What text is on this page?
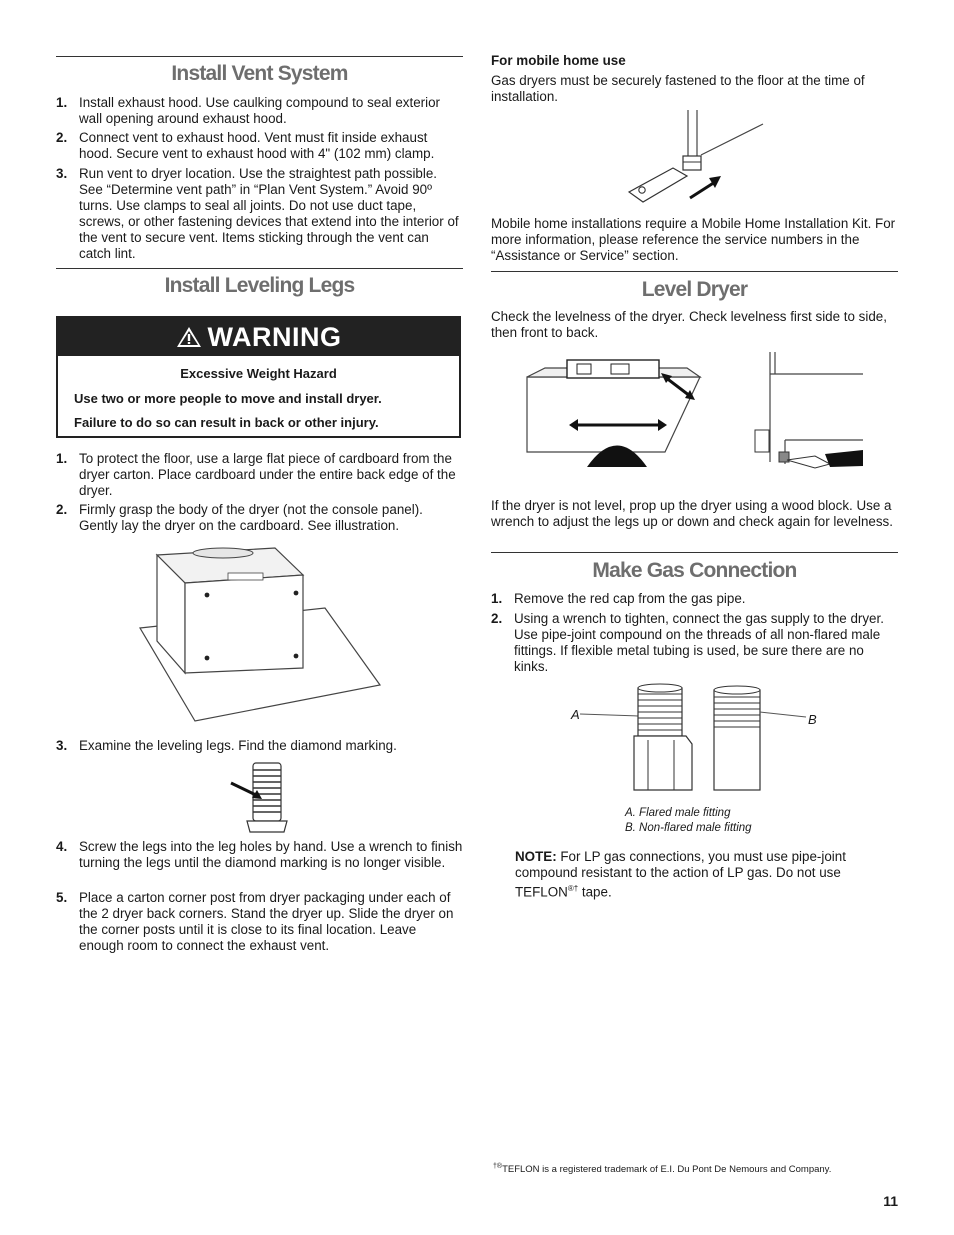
Install Vent System
1. Install exhaust hood. Use caulking compound to seal exterior wall opening around exhaust hood.
2. Connect vent to exhaust hood. Vent must fit inside exhaust hood. Secure vent to exhaust hood with 4" (102 mm) clamp.
3. Run vent to dryer location. Use the straightest path possible. See “Determine vent path” in “Plan Vent System.” Avoid 90º turns. Use clamps to seal all joints. Do not use duct tape, screws, or other fastening devices that extend into the interior of the vent to secure vent. Items sticking through the vent can catch lint.
Install Leveling Legs
WARNING
Excessive Weight Hazard
Use two or more people to move and install dryer.
Failure to do so can result in back or other injury.
1. To protect the floor, use a large flat piece of cardboard from the dryer carton. Place cardboard under the entire back edge of the dryer.
2. Firmly grasp the body of the dryer (not the console panel). Gently lay the dryer on the cardboard. See illustration.
3. Examine the leveling legs. Find the diamond marking.
4. Screw the legs into the leg holes by hand. Use a wrench to finish turning the legs until the diamond marking is no longer visible.
5. Place a carton corner post from dryer packaging under each of the 2 dryer back corners. Stand the dryer up. Slide the dryer on the corner posts until it is close to its final location. Leave enough room to connect the exhaust vent.
For mobile home use
Gas dryers must be securely fastened to the floor at the time of installation.
Mobile home installations require a Mobile Home Installation Kit. For more information, please reference the service numbers in the “Assistance or Service” section.
Level Dryer
Check the levelness of the dryer. Check levelness first side to side, then front to back.
If the dryer is not level, prop up the dryer using a wood block. Use a wrench to adjust the legs up or down and check again for levelness.
Make Gas Connection
1. Remove the red cap from the gas pipe.
2. Using a wrench to tighten, connect the gas supply to the dryer. Use pipe-joint compound on the threads of all non-flared male fittings. If flexible metal tubing is used, be sure there are no kinks.
A	B
A. Flared male fitting
B. Non-flared male fitting
NOTE: For LP gas connections, you must use pipe-joint compound resistant to the action of LP gas. Do not use TEFLON®† tape.
†®TEFLON is a registered trademark of E.I. Du Pont De Nemours and Company.
11
